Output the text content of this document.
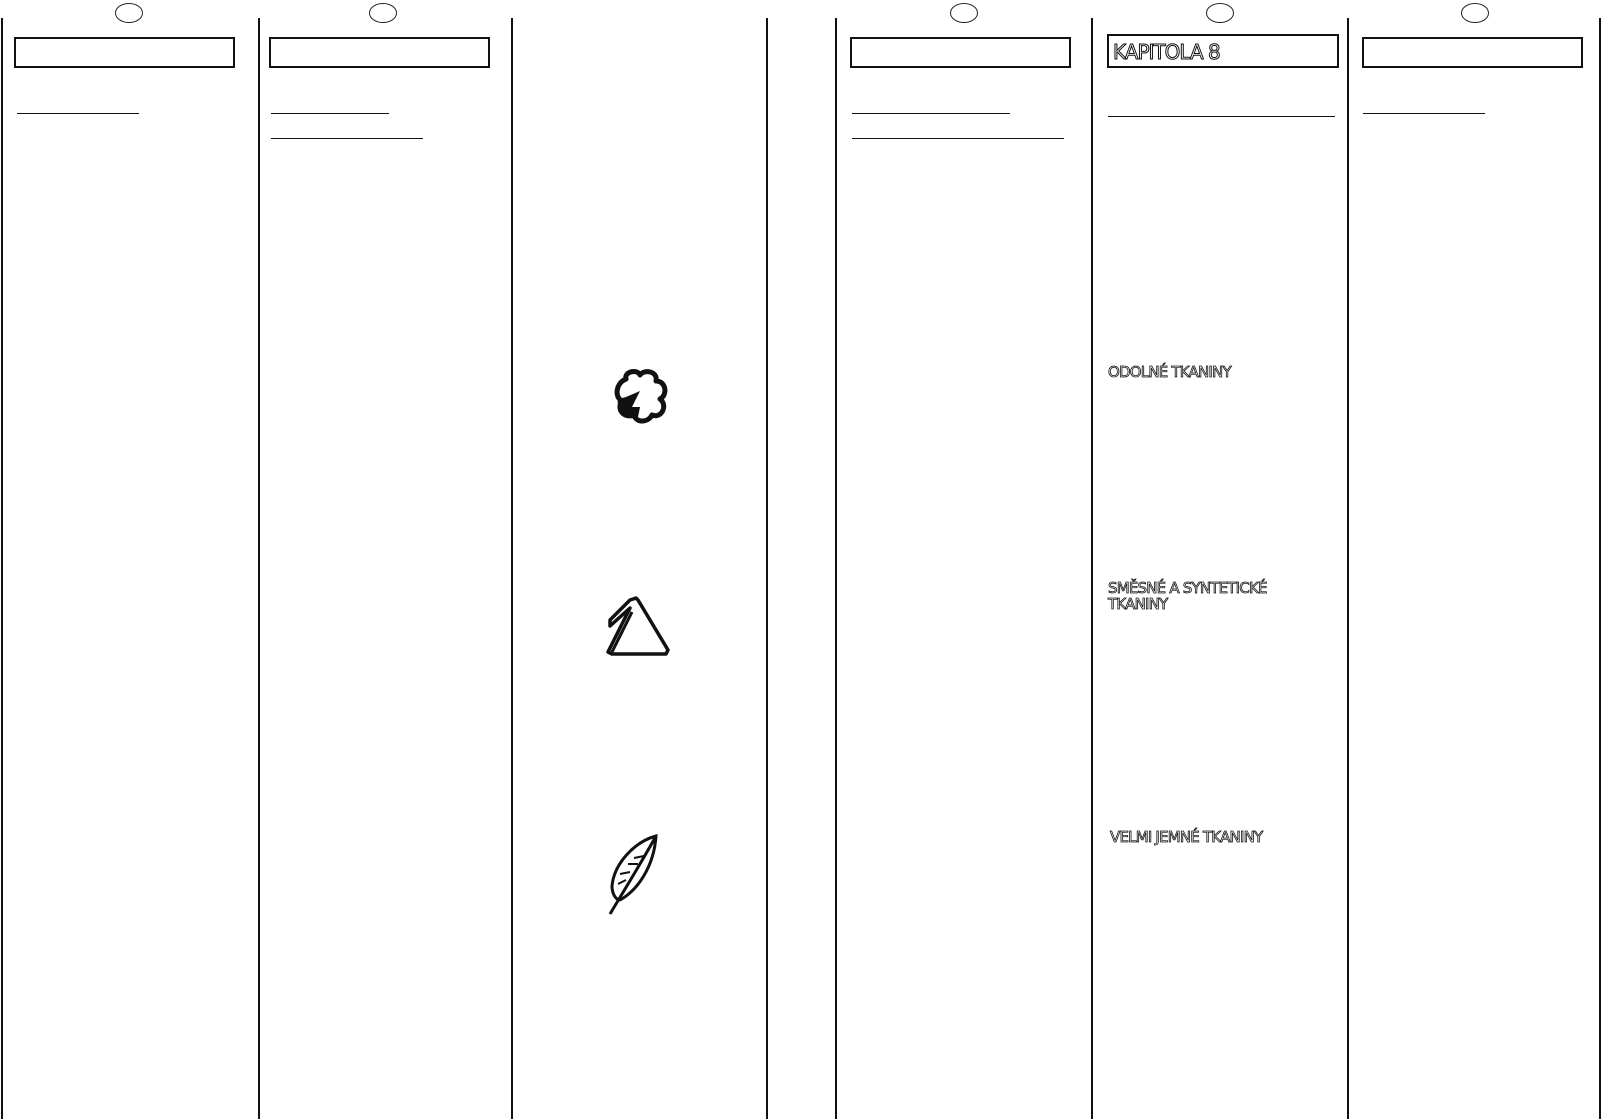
KAPITOLA 8
ODOLNÉ TKANINY
SMĚSNÉ A SYNTETICKÉ TKANINY
VELMI JEMNÉ TKANINY
